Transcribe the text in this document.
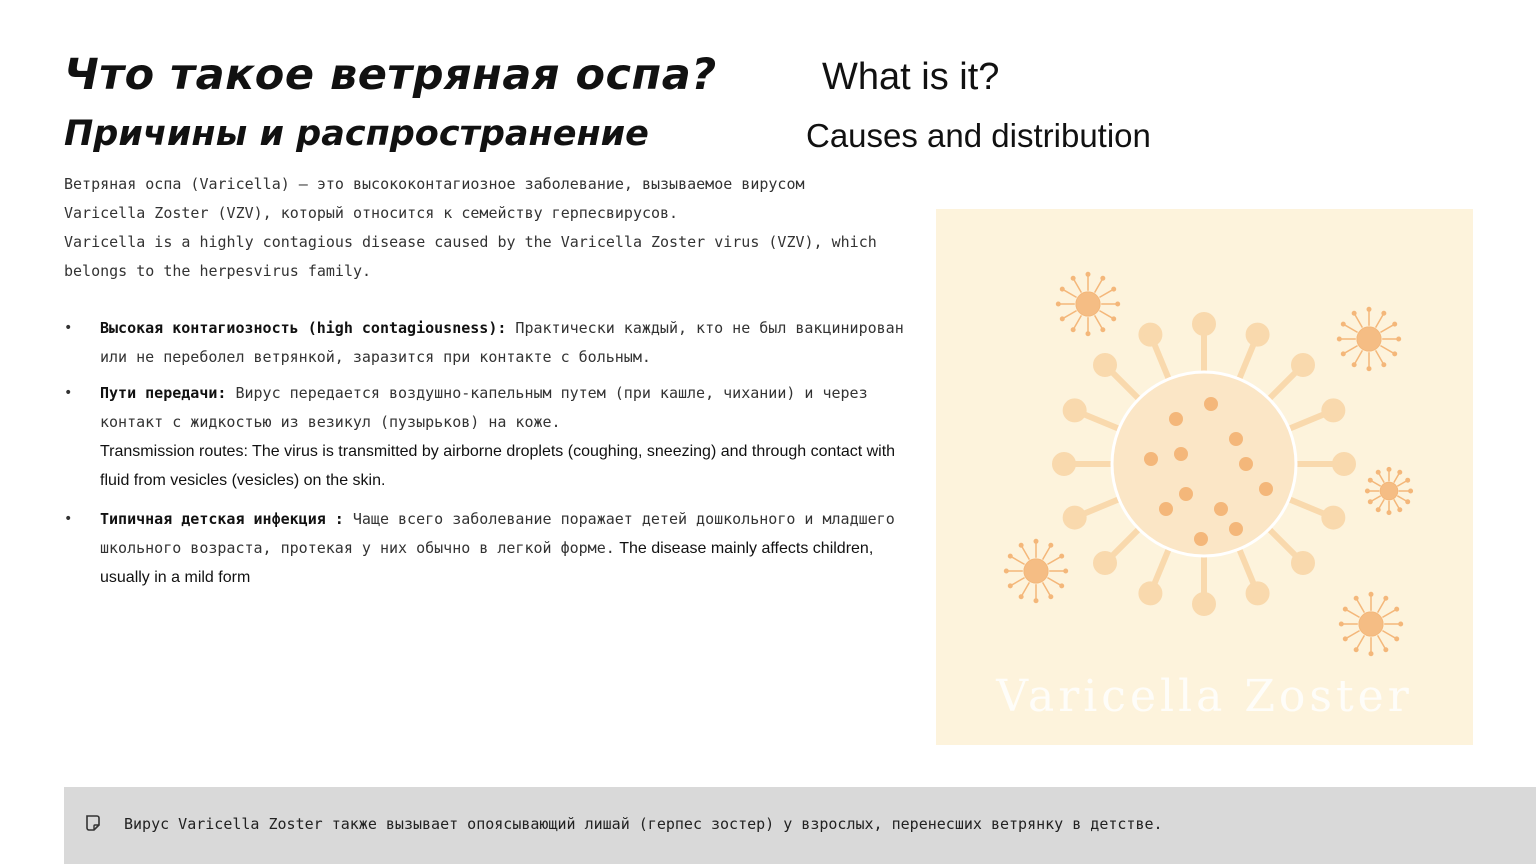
Что такое ветряная оспа?	What is it?
Причины и распространение	Causes and distribution

Ветряная оспа (Varicella) – это высококонтагиозное заболевание, вызываемое вирусом Varicella Zoster (VZV), который относится к семейству герпесвирусов.

Varicella is a highly contagious disease caused by the Varicella Zoster virus (VZV), which belongs to the herpesvirus family.

• Высокая контагиозность (high contagiousness): Практически каждый, кто не был вакцинирован или не переболел ветрянкой, заразится при контакте с больным.
• Пути передачи: Вирус передается воздушно-капельным путем (при кашле, чихании) и через контакт с жидкостью из везикул (пузырьков) на коже.
Transmission routes: The virus is transmitted by airborne droplets (coughing, sneezing) and through contact with fluid from vesicles (vesicles) on the skin.
• Типичная детская инфекция : Чаще всего заболевание поражает детей дошкольного и младшего школьного возраста, протекая у них обычно в легкой форме. The disease mainly affects children, usually in a mild form
Varicella Zoster
Вирус Varicella Zoster также вызывает опоясывающий лишай (герпес зостер) у взрослых, перенесших ветрянку в детстве.
